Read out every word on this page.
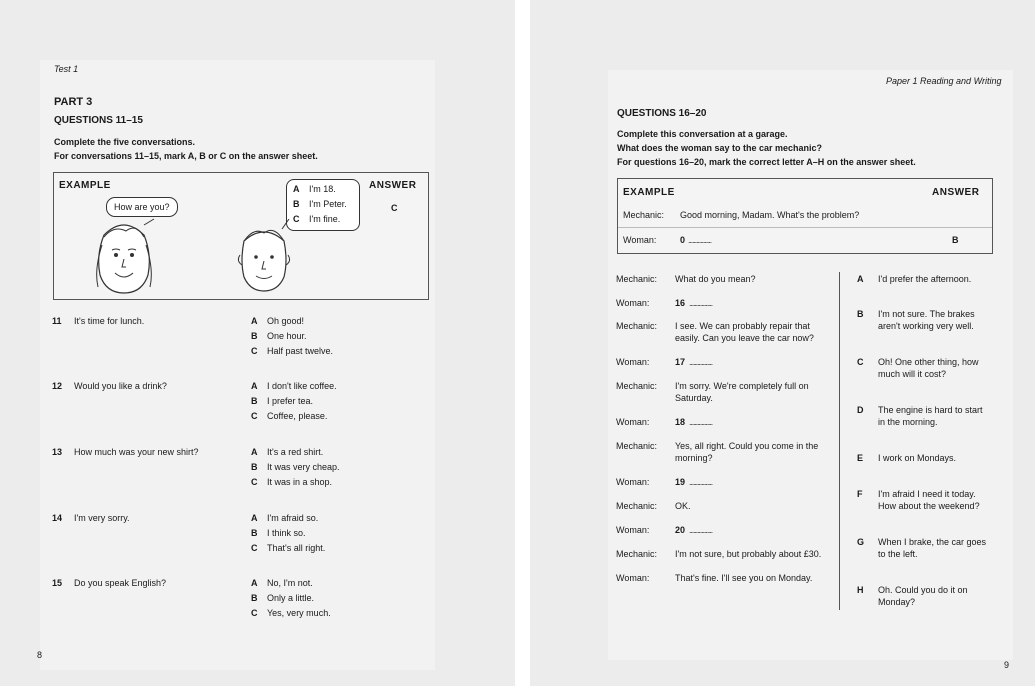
Test 1
PART 3
QUESTIONS 11–15
Complete the five conversations.
For conversations 11–15, mark A, B or C on the answer sheet.
EXAMPLE	ANSWER
C
How are you?
A I'm 18.
B I'm Peter.
C I'm fine.
11 It's time for lunch.	A Oh good!
B One hour.
C Half past twelve.
12 Would you like a drink?	A I don't like coffee.
B I prefer tea.
C Coffee, please.
13 How much was your new shirt?	A It's a red shirt.
B It was very cheap.
C It was in a shop.
14 I'm very sorry.	A I'm afraid so.
B I think so.
C That's all right.
15 Do you speak English?	A No, I'm not.
B Only a little.
C Yes, very much.
8
Paper 1 Reading and Writing
QUESTIONS 16–20
Complete this conversation at a garage.
What does the woman say to the car mechanic?
For questions 16–20, mark the correct letter A–H on the answer sheet.
EXAMPLE	ANSWER
Mechanic: Good morning, Madam. What's the problem?
Woman:	0 .................	B
Mechanic: What do you mean?
Woman:	16 .................
Mechanic: I see. We can probably repair that
easily. Can you leave the car now?
Woman:	17 .................
Mechanic: I'm sorry. We're completely full on
Saturday.
Woman:	18 .................
Mechanic: Yes, all right. Could you come in the
morning?
Woman:	19 .................
Mechanic: OK.
Woman:	20 .................
Mechanic: I'm not sure, but probably about £30.
Woman:	That's fine. I'll see you on Monday.
A I'd prefer the afternoon.
B I'm not sure. The brakes
aren't working very well.
C Oh! One other thing, how
much will it cost?
D The engine is hard to start
in the morning.
E I work on Mondays.
F I'm afraid I need it today.
How about the weekend?
G When I brake, the car goes
to the left.
H Oh. Could you do it on
Monday?
9
